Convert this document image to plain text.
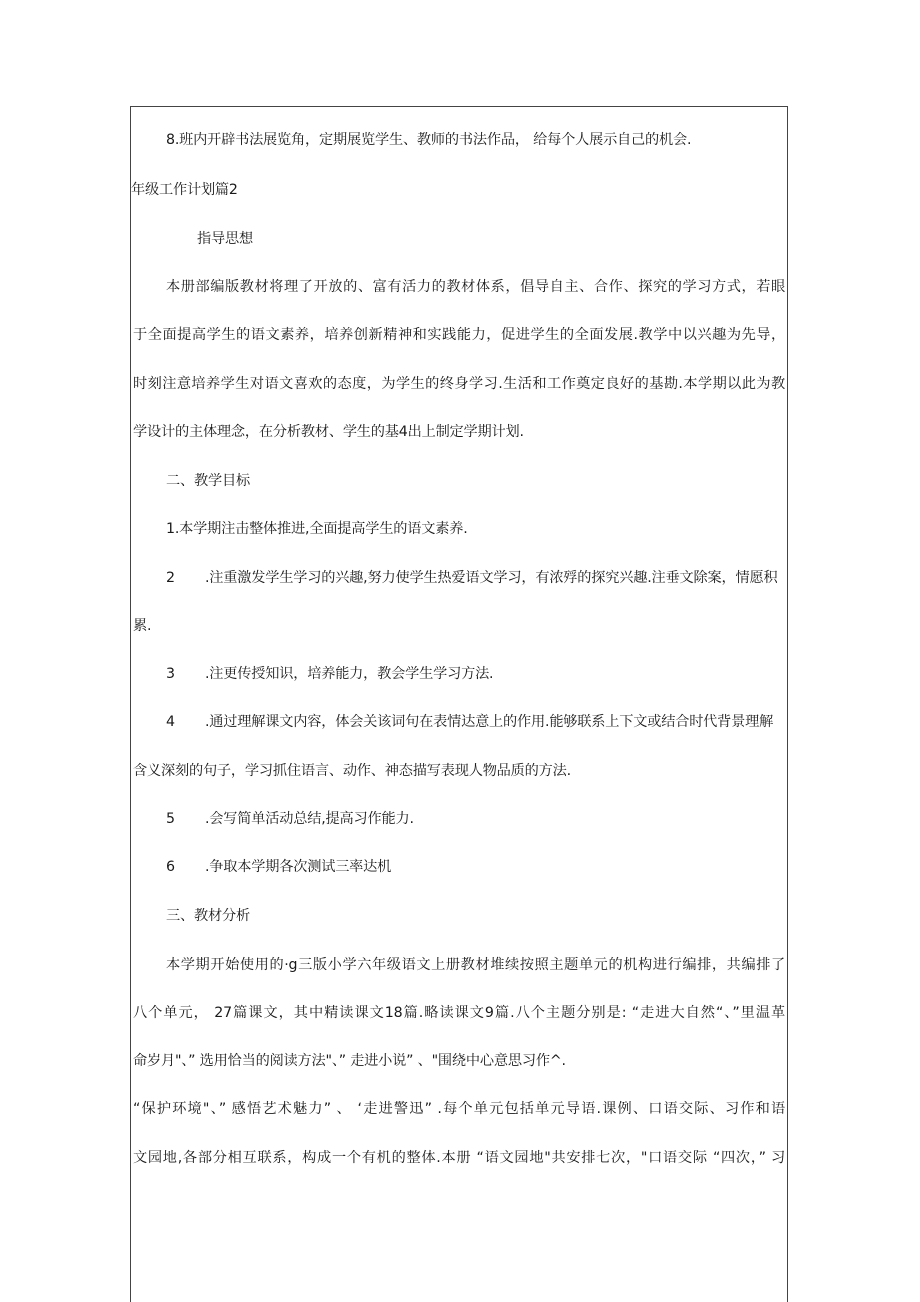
8.班内开辟书法展览角，定期展览学生、教师的书法作品， 给每个人展示自己的机会.
年级工作计划篇2
指导思想
本册部编版教材将理了开放的、富有活力的教材体系，倡导自主、合作、探究的学习方式，若眼
于全面提高学生的语文素养，培养创新精神和实践能力，促进学生的全面发展.教学中以兴趣为先导，
时刻注意培养学生对语文喜欢的态度，为学生的终身学习.生活和工作奠定良好的基勘.本学期以此为教
学设计的主体理念，在分析教材、学生的基4出上制定学期计划.
二、教学目标
1.本学期注击整体推进,全面提高学生的语文素养.
2 .注重激发学生学习的兴趣,努力使学生热爱语文学习，有浓殍的探究兴趣.注垂文除案，情愿积
累.
3 .注更传授知识，培养能力，教会学生学习方法.
4 .通过理解课文内容，体会关该词句在表情达意上的作用.能够联系上下文或结合时代背景理解
含义深刻的句子，学习抓住语言、动作、神态描写表现人物品质的方法.
5 .会写简单活动总结,提高习作能力.
6 .争取本学期各次测试三率达机
三、教材分析
本学期开始使用的·g三版小学六年级语文上册教材堆续按照主题单元的机构进行编排，共编排了
八个单元， 27篇课文，其中精读课文18篇.略读课文9篇.八个主题分别是: “走进大自然“、”里温革
命岁月"、” 选用恰当的阅读方法"、” 走进小说” 、"围绕中心意思习作^.
“保护环境"、” 感悟艺术魅力” 、 ‘走进警迅” .每个单元包括单元导语.课例、口语交际、习作和语
文园地,各部分相互联系，构成一个有机的整体.本册 “语文园地"共安排七次，"口语交际 “四次，” 习
